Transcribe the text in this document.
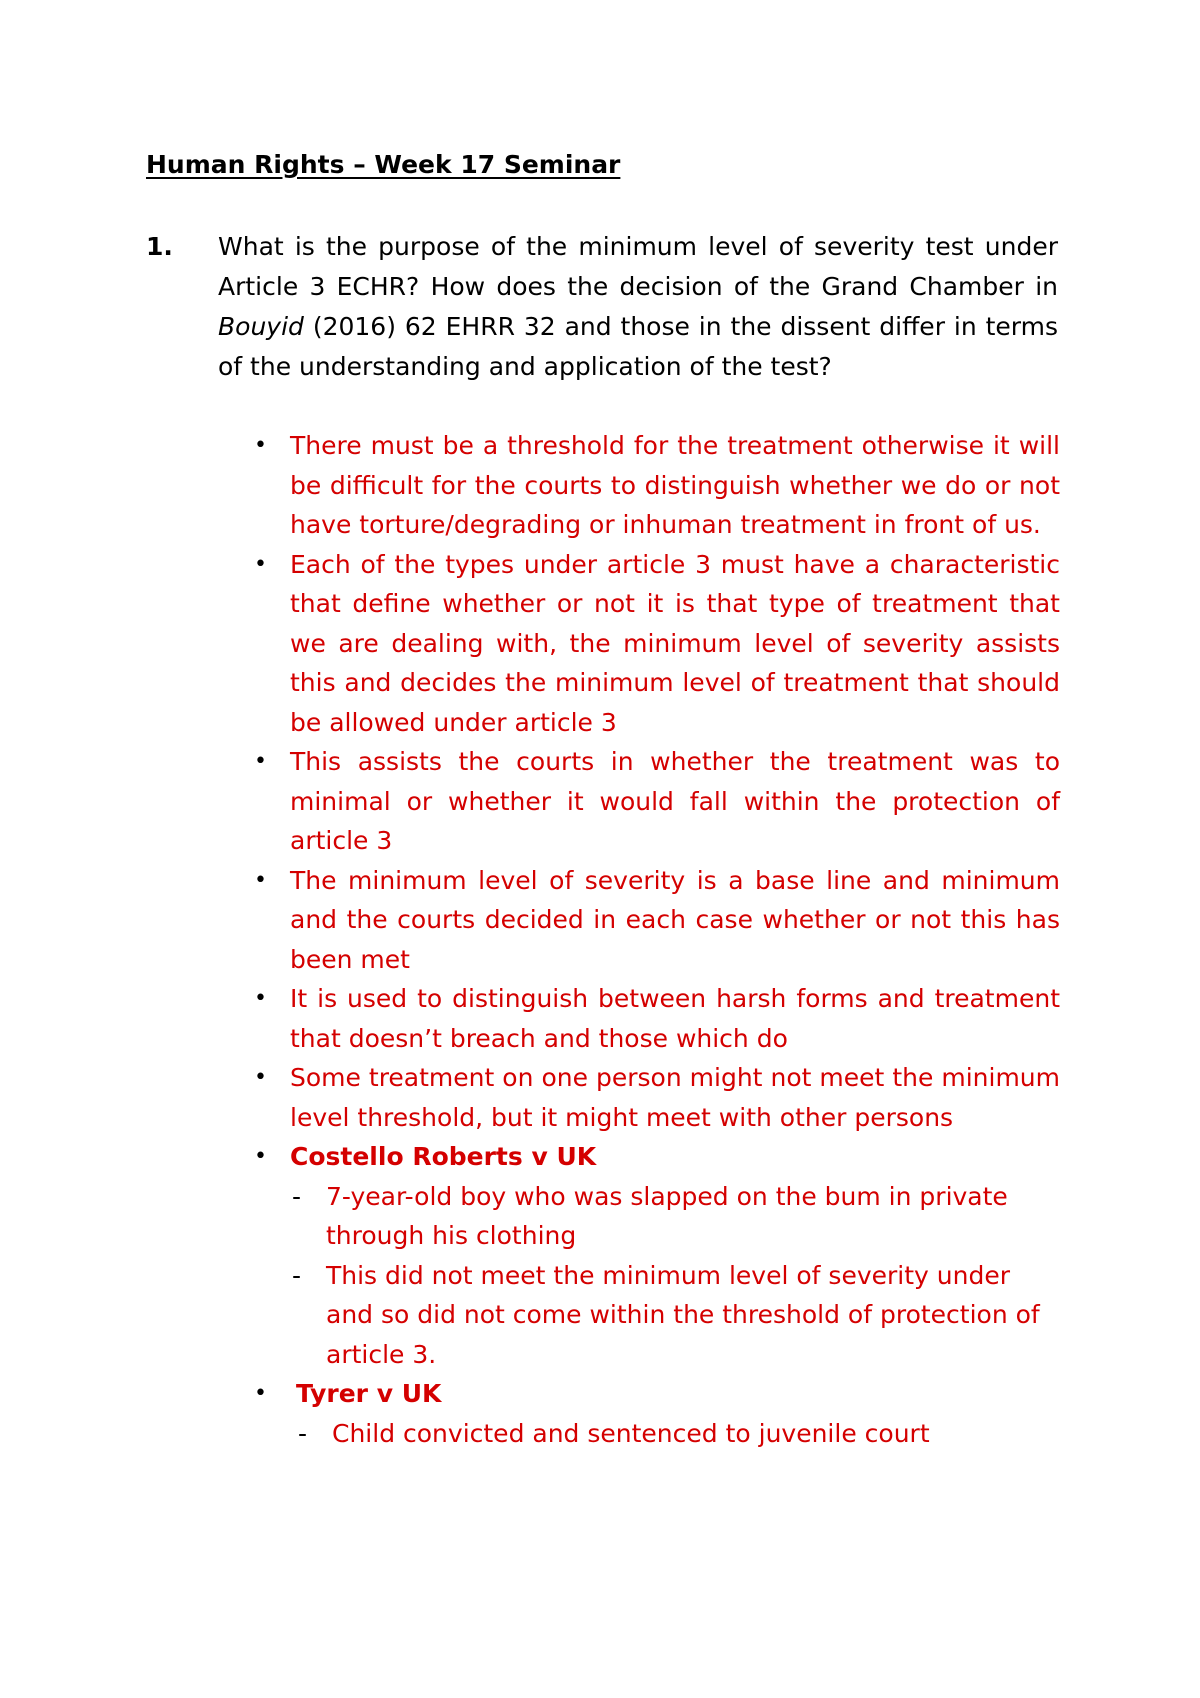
Human Rights – Week 17 Seminar
1.	What is the purpose of the minimum level of severity test under Article 3 ECHR? How does the decision of the Grand Chamber in Bouyid (2016) 62 EHRR 32 and those in the dissent differ in terms of the understanding and application of the test?
• There must be a threshold for the treatment otherwise it will be difficult for the courts to distinguish whether we do or not have torture/degrading or inhuman treatment in front of us.
• Each of the types under article 3 must have a characteristic that define whether or not it is that type of treatment that we are dealing with, the minimum level of severity assists this and decides the minimum level of treatment that should be allowed under article 3
• This assists the courts in whether the treatment was to minimal or whether it would fall within the protection of article 3
• The minimum level of severity is a base line and minimum and the courts decided in each case whether or not this has been met
• It is used to distinguish between harsh forms and treatment that doesn’t breach and those which do
• Some treatment on one person might not meet the minimum level threshold, but it might meet with other persons
• Costello Roberts v UK
- 7-year-old boy who was slapped on the bum in private through his clothing
- This did not meet the minimum level of severity under and so did not come within the threshold of protection of article 3.
• Tyrer v UK
- Child convicted and sentenced to juvenile court
